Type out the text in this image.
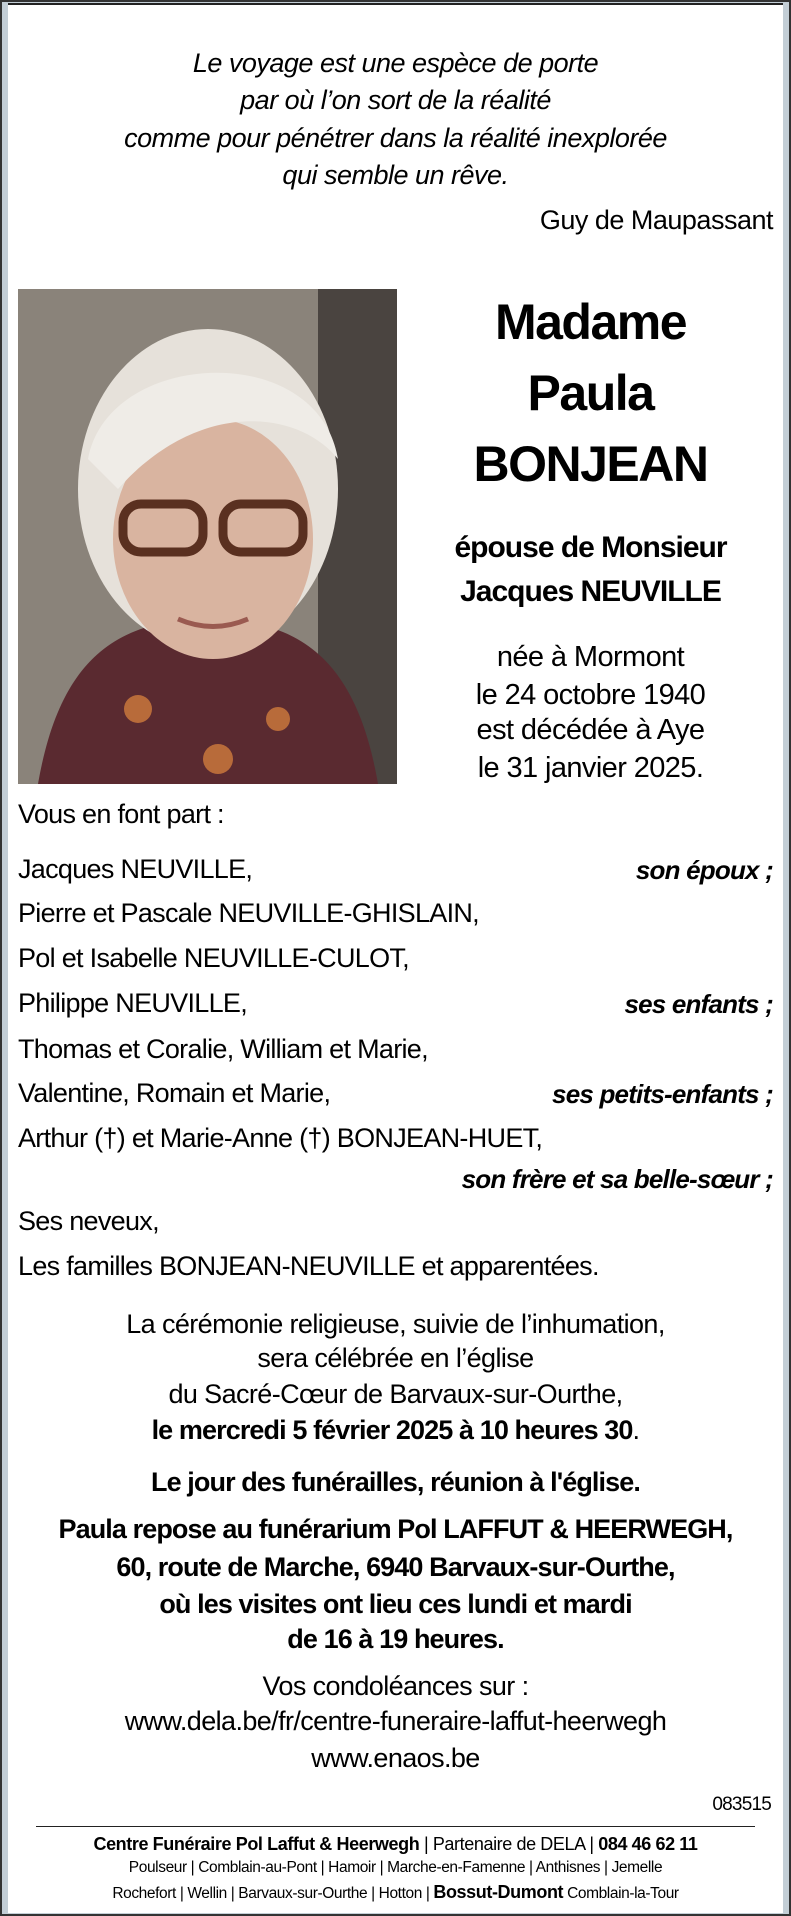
Le voyage est une espèce de porte
par où l’on sort de la réalité
comme pour pénétrer dans la réalité inexplorée
qui semble un rêve.
Guy de Maupassant
Madame
Paula
BONJEAN
épouse de Monsieur
Jacques NEUVILLE
née à Mormont
le 24 octobre 1940
est décédée à Aye
le 31 janvier 2025.
Vous en font part :
Jacques NEUVILLE,	son époux ;
Pierre et Pascale NEUVILLE-GHISLAIN,
Pol et Isabelle NEUVILLE-CULOT,
Philippe NEUVILLE,	ses enfants ;
Thomas et Coralie, William et Marie,
Valentine, Romain et Marie,	ses petits-enfants ;
Arthur (†) et Marie-Anne (†) BONJEAN-HUET,
son frère et sa belle-sœur ;
Ses neveux,
Les familles BONJEAN-NEUVILLE et apparentées.
La cérémonie religieuse, suivie de l’inhumation,
sera célébrée en l’église
du Sacré-Cœur de Barvaux-sur-Ourthe,
le mercredi 5 février 2025 à 10 heures 30.
Le jour des funérailles, réunion à l'église.
Paula repose au funérarium Pol LAFFUT & HEERWEGH,
60, route de Marche, 6940 Barvaux-sur-Ourthe,
où les visites ont lieu ces lundi et mardi
de 16 à 19 heures.
Vos condoléances sur :
www.dela.be/fr/centre-funeraire-laffut-heerwegh
www.enaos.be
083515
Centre Funéraire Pol Laffut & Heerwegh | Partenaire de DELA | 084 46 62 11
Poulseur | Comblain-au-Pont | Hamoir | Marche-en-Famenne | Anthisnes | Jemelle
Rochefort | Wellin | Barvaux-sur-Ourthe | Hotton | Bossut-Dumont Comblain-la-Tour
